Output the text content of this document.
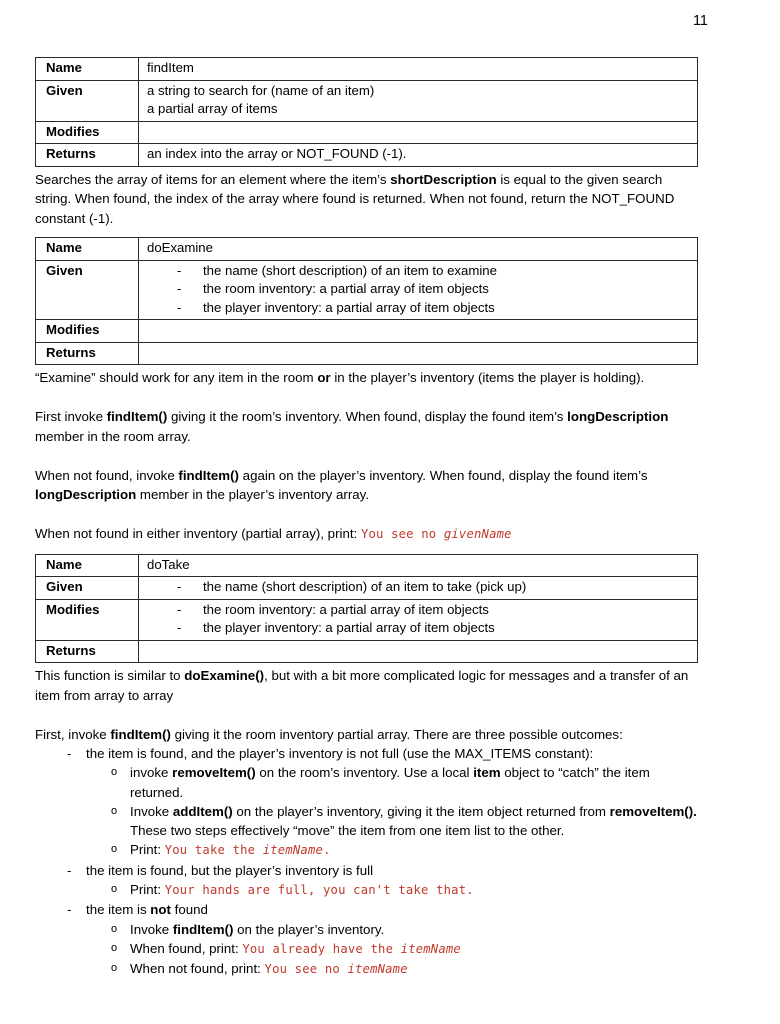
11
Name	findItem
Given	a string to search for (name of an item)
a partial array of items

Modifies	
Returns	an index into the array or NOT_FOUND (-1).

Searches the array of items for an element where the item’s shortDescription is equal to the given search string. When found, the index of the array where found is returned. When not found, return the NOT_FOUND constant (-1).

Name	doExamine
Given	- the name (short description) of an item to examine
- the room inventory: a partial array of item objects
- the player inventory: a partial array of item objects

Modifies	
Returns	

“Examine” should work for any item in the room or in the player’s inventory (items the player is holding).

First invoke findItem() giving it the room’s inventory. When found, display the found item’s longDescription member in the room array.

When not found, invoke findItem() again on the player’s inventory. When found, display the found item’s longDescription member in the player’s inventory array.

When not found in either inventory (partial array), print: You see no givenName

Name	doTake
Given	- the name (short description) of an item to take (pick up)

Modifies	- the room inventory: a partial array of item objects
- the player inventory: a partial array of item objects

Returns	

This function is similar to doExamine(), but with a bit more complicated logic for messages and a transfer of an item from array to array

First, invoke findItem() giving it the room inventory partial array. There are three possible outcomes:

- the item is found, and the player’s inventory is not full (use the MAX_ITEMS constant):
o invoke removeItem() on the room’s inventory. Use a local item object to “catch” the item returned.
o Invoke addItem() on the player’s inventory, giving it the item object returned from removeItem(). These two steps effectively “move” the item from one item list to the other.
o Print: You take the itemName.
- the item is found, but the player’s inventory is full
o Print: Your hands are full, you can't take that.
- the item is not found
o Invoke findItem() on the player’s inventory.
o When found, print: You already have the itemName
o When not found, print: You see no itemName
